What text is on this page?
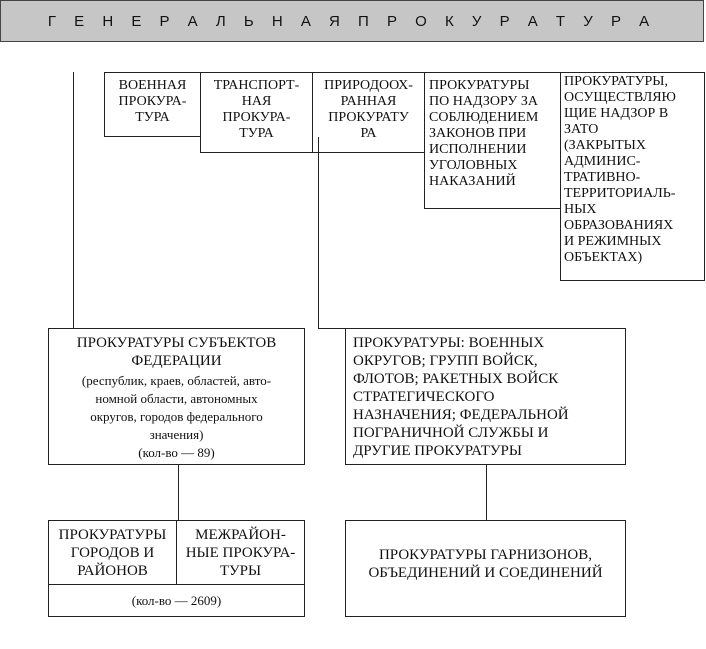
Г Е Н Е Р А Л Ь Н А Я П Р О К У Р А Т У Р А
ВОЕННАЯ
ПРОКУРА-
ТУРА
ТРАНСПОРТ-
НАЯ
ПРОКУРА-
ТУРА
ПРИРОДООХ-
РАННАЯ
ПРОКУРАТУ
РА
ПРОКУРАТУРЫ
ПО НАДЗОРУ ЗА
СОБЛЮДЕНИЕМ
ЗАКОНОВ ПРИ
ИСПОЛНЕНИИ
УГОЛОВНЫХ
НАКАЗАНИЙ
ПРОКУРАТУРЫ,
ОСУЩЕСТВЛЯЮ
ЩИЕ НАДЗОР В
ЗАТО
(ЗАКРЫТЫХ
АДМИНИС-
ТРАТИВНО-
ТЕРРИТОРИАЛЬ-
НЫХ
ОБРАЗОВАНИЯХ
И РЕЖИМНЫХ
ОБЪЕКТАХ)
ПРОКУРАТУРЫ СУБЪЕКТОВ
ФЕДЕРАЦИИ
(республик, краев, областей, авто-
номной области, автономных
округов, городов федерального
значения)
(кол-во — 89)
ПРОКУРАТУРЫ: ВОЕННЫХ
ОКРУГОВ; ГРУПП ВОЙСК,
ФЛОТОВ; РАКЕТНЫХ ВОЙСК
СТРАТЕГИЧЕСКОГО
НАЗНАЧЕНИЯ; ФЕДЕРАЛЬНОЙ
ПОГРАНИЧНОЙ СЛУЖБЫ И
ДРУГИЕ ПРОКУРАТУРЫ
ПРОКУРАТУРЫ
ГОРОДОВ И
РАЙОНОВ
МЕЖРАЙОН-
НЫЕ ПРОКУРА-
ТУРЫ
(кол-во — 2609)
ПРОКУРАТУРЫ ГАРНИЗОНОВ,
ОБЪЕДИНЕНИЙ И СОЕДИНЕНИЙ
